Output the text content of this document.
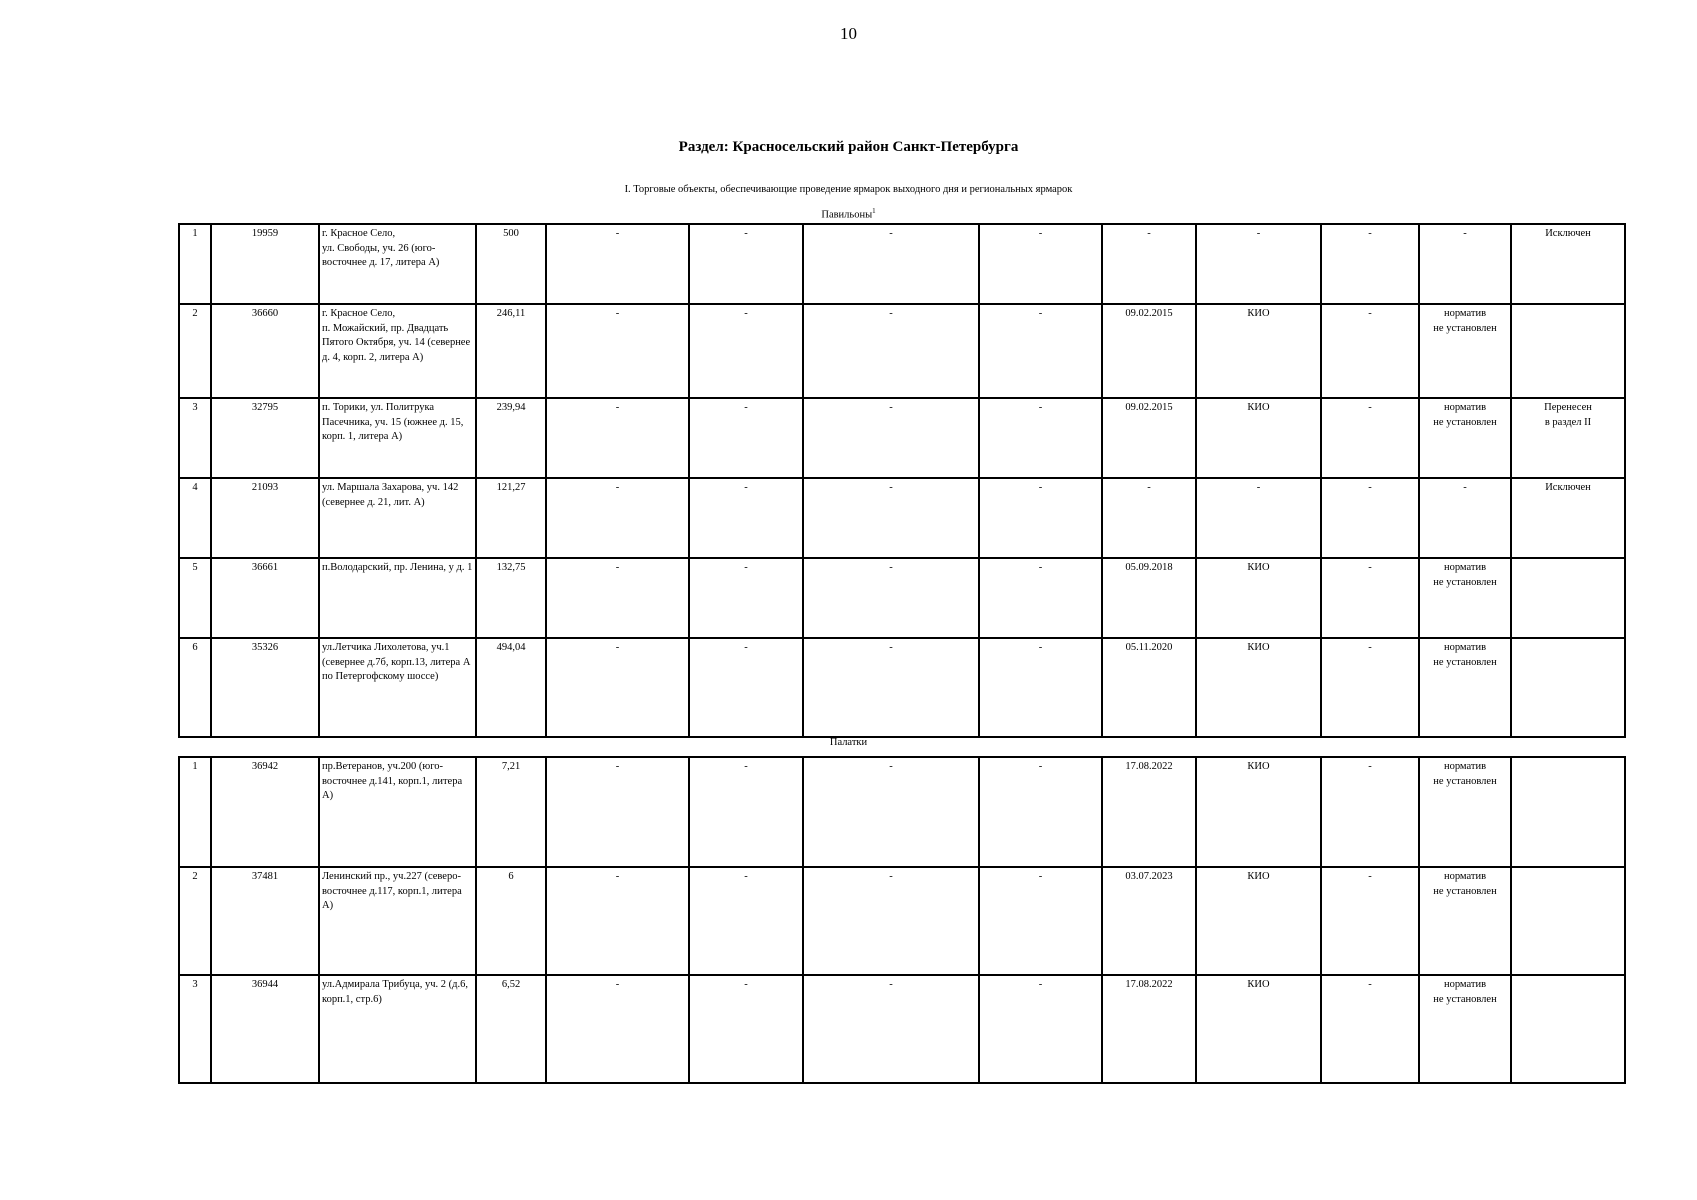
10
Раздел: Красносельский район Санкт-Петербурга
I. Торговые объекты, обеспечивающие проведение ярмарок выходного дня и региональных ярмарок
Павильоны$^1$
1	19959	г. Красное Село,
ул. Свободы, уч. 26 (юго-восточнее д. 17, литера А)	500	-	-	-	-	-	-	-	-	Исключен
2	36660	г. Красное Село,
п. Можайский, пр. Двадцать Пятого Октября, уч. 14 (севернее д. 4, корп. 2, литера А)	246,11	-	-	-	-	09.02.2015	КИО	-	норматив
не установлен	
3	32795	п. Торики, ул. Политрука Пасечника, уч. 15 (южнее д. 15, корп. 1, литера А)	239,94	-	-	-	-	09.02.2015	КИО	-	норматив
не установлен	Перенесен
в раздел II
4	21093	ул. Маршала Захарова, уч. 142 (севернее д. 21, лит. А)	121,27	-	-	-	-	-	-	-	-	Исключен
5	36661	п.Володарский, пр. Ленина, у д. 1	132,75	-	-	-	-	05.09.2018	КИО	-	норматив
не установлен	
6	35326	ул.Летчика Лихолетова, уч.1 (севернее д.7б, корп.13, литера А по Петергофскому шоссе)	494,04	-	-	-	-	05.11.2020	КИО	-	норматив
не установлен	
Палатки
1	36942	пр.Ветеранов, уч.200 (юго-восточнее д.141, корп.1, литера А)	7,21	-	-	-	-	17.08.2022	КИО	-	норматив
не установлен	
2	37481	Ленинский пр., уч.227 (северо-восточнее д.117, корп.1, литера А)	6	-	-	-	-	03.07.2023	КИО	-	норматив
не установлен	
3	36944	ул.Адмирала Трибуца, уч. 2 (д.6, корп.1, стр.6)	6,52	-	-	-	-	17.08.2022	КИО	-	норматив
не установлен	
